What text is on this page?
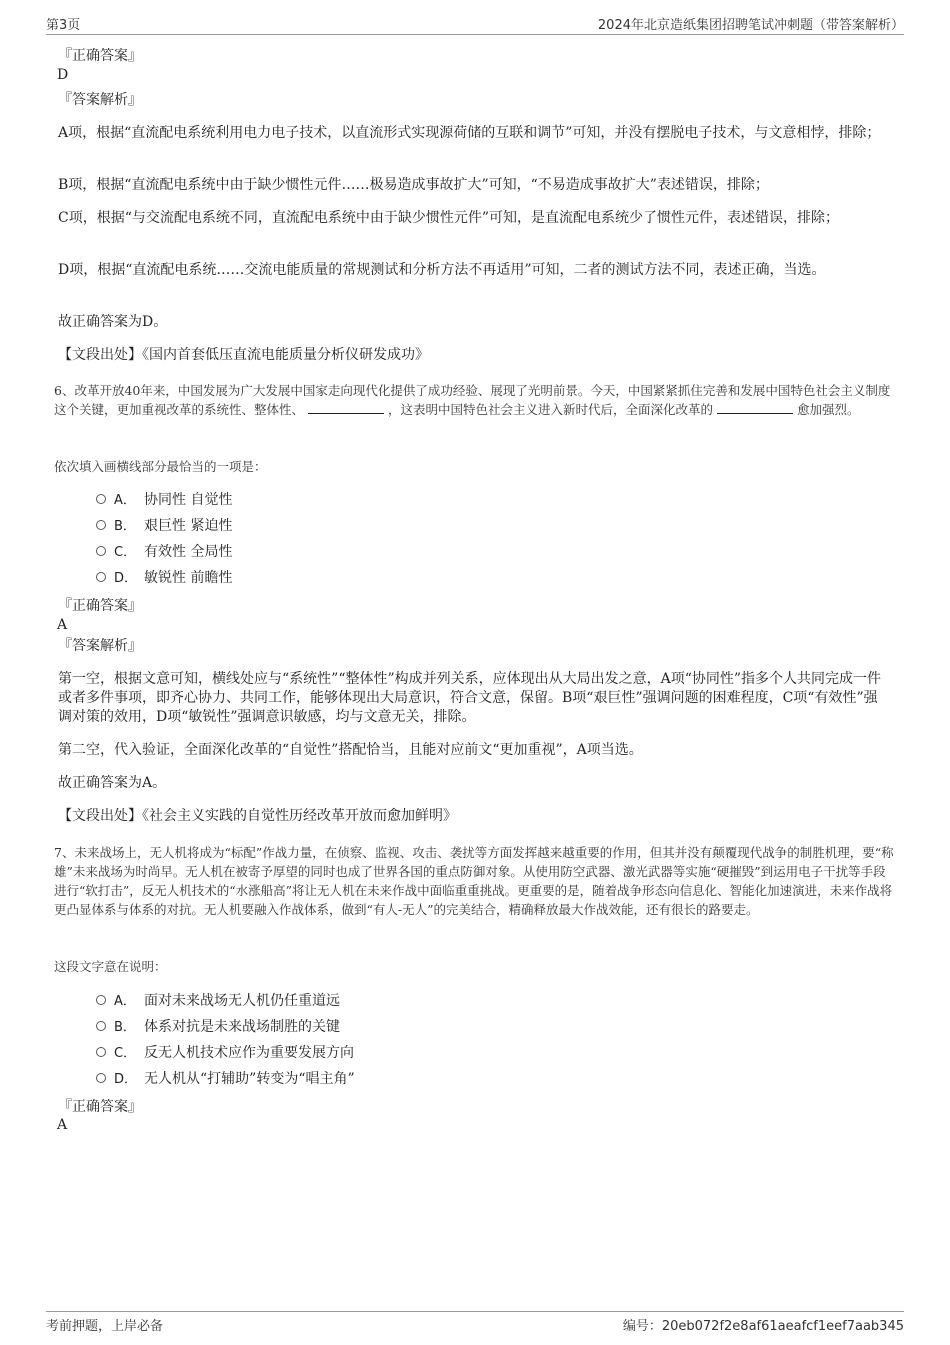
第3页	2024年北京造纸集团招聘笔试冲刺题（带答案解析）

『正确答案』

D

『答案解析』

A项，根据“直流配电系统利用电力电子技术，以直流形式实现源荷储的互联和调节”可知，并没有摆脱电子技术，与文意相悖，排除；

B项，根据“直流配电系统中由于缺少惯性元件……极易造成事故扩大”可知，“不易造成事故扩大”表述错误，排除；

C项，根据“与交流配电系统不同，直流配电系统中由于缺少惯性元件”可知，是直流配电系统少了惯性元件，表述错误，排除；

D项，根据“直流配电系统……交流电能质量的常规测试和分析方法不再适用”可知，二者的测试方法不同，表述正确，当选。

故正确答案为D。

【文段出处】《国内首套低压直流电能质量分析仪研发成功》

6、改革开放40年来，中国发展为广大发展中国家走向现代化提供了成功经验、展现了光明前景。今天，中国紧紧抓住完善和发展中国特色社会主义制度这个关键，更加重视改革的系统性、整体性、	，这表明中国特色社会主义进入新时代后，全面深化改革的	愈加强烈。

依次填入画横线部分最恰当的一项是：

A． 协同性 自觉性
B． 艰巨性 紧迫性
C． 有效性 全局性
D． 敏锐性 前瞻性

『正确答案』

A

『答案解析』

第一空，根据文意可知，横线处应与“系统性”“整体性”构成并列关系，应体现出从大局出发之意，A项“协同性”指多个人共同完成一件或者多件事项，即齐心协力、共同工作，能够体现出大局意识，符合文意，保留。B项“艰巨性”强调问题的困难程度，C项“有效性”强调对策的效用，D项“敏锐性”强调意识敏感，均与文意无关，排除。

第二空，代入验证，全面深化改革的“自觉性”搭配恰当，且能对应前文“更加重视”，A项当选。

故正确答案为A。

【文段出处】《社会主义实践的自觉性历经改革开放而愈加鲜明》

7、未来战场上，无人机将成为“标配”作战力量，在侦察、监视、攻击、袭扰等方面发挥越来越重要的作用，但其并没有颠覆现代战争的制胜机理，要“称雄”未来战场为时尚早。无人机在被寄予厚望的同时也成了世界各国的重点防御对象。从使用防空武器、激光武器等实施“硬摧毁”到运用电子干扰等手段进行“软打击”，反无人机技术的“水涨船高”将让无人机在未来作战中面临重重挑战。更重要的是，随着战争形态向信息化、智能化加速演进，未来作战将更凸显体系与体系的对抗。无人机要融入作战体系，做到“有人-无人”的完美结合，精确释放最大作战效能，还有很长的路要走。

这段文字意在说明：

A． 面对未来战场无人机仍任重道远
B． 体系对抗是未来战场制胜的关键
C． 反无人机技术应作为重要发展方向
D． 无人机从“打辅助”转变为“唱主角”

『正确答案』

A

考前押题，上岸必备	编号：20eb072f2e8af61aeafcf1eef7aab345
